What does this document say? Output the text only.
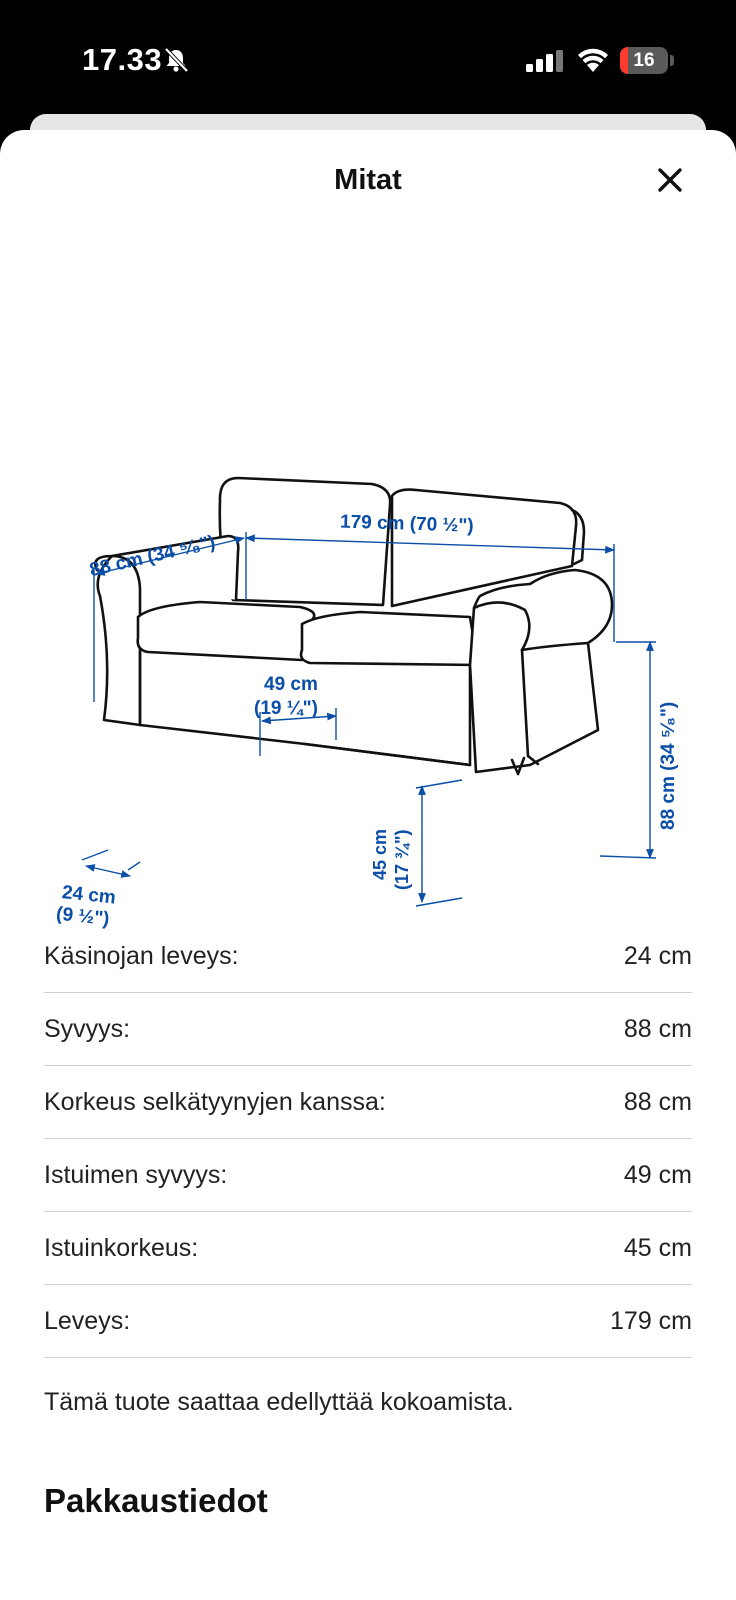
17.33	16
Mitat
179 cm (70 ½")
88 cm (34 ⁵⁄₈")
88 cm (34 ⁵⁄₈")
49 cm
(19 ¼")
45 cm (17 ¾")
24 cm
(9 ½")
Käsinojan leveys:	24 cm
Syvyys:	88 cm
Korkeus selkätyynyjen kanssa:	88 cm
Istuimen syvyys:	49 cm
Istuinkorkeus:	45 cm
Leveys:	179 cm
Tämä tuote saattaa edellyttää kokoamista.
Pakkaustiedot
